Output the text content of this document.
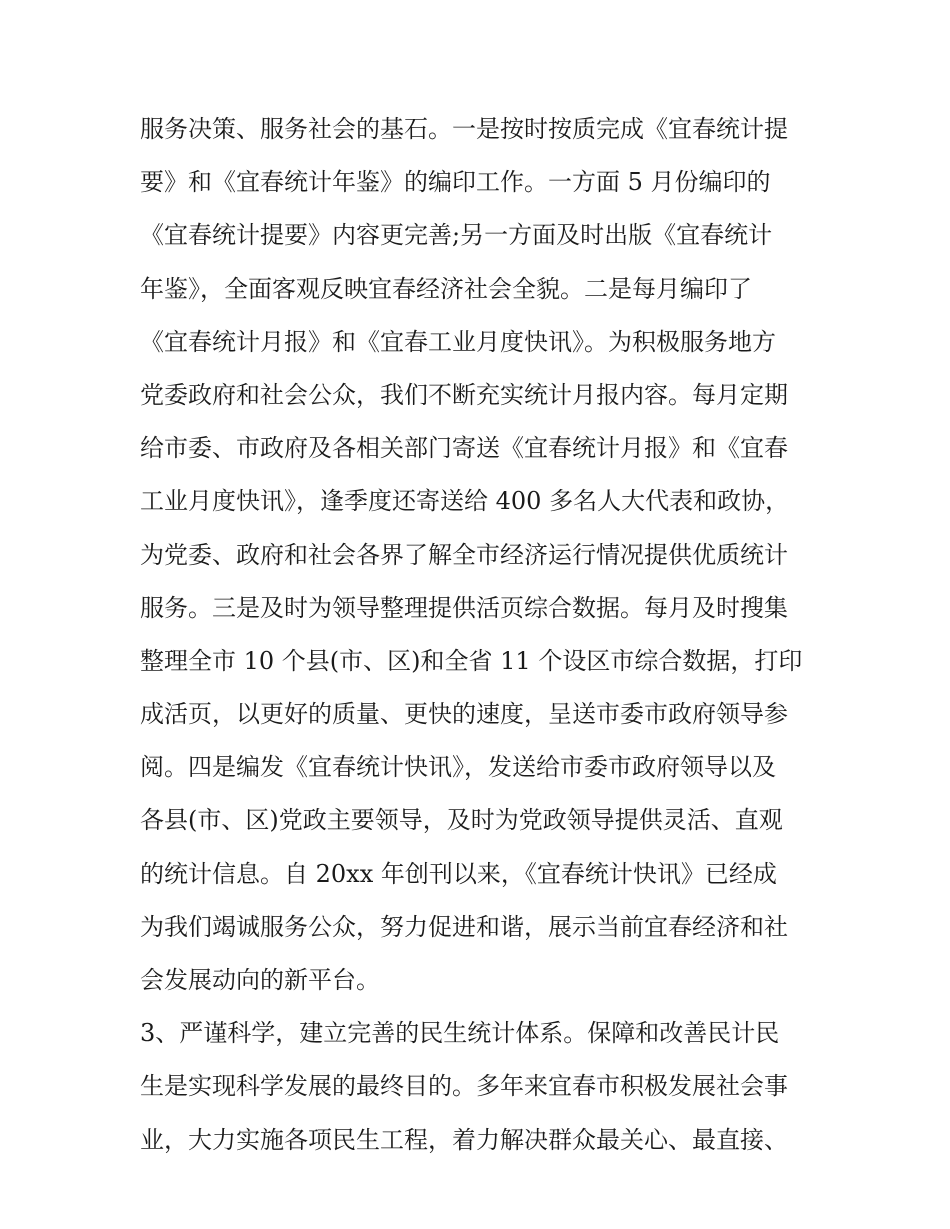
服务决策、服务社会的基石。一是按时按质完成《宜春统计提
要》和《宜春统计年鉴》的编印工作。一方面 5 月份编印的
《宜春统计提要》内容更完善;另一方面及时出版《宜春统计
年鉴》，全面客观反映宜春经济社会全貌。二是每月编印了
《宜春统计月报》和《宜春工业月度快讯》。为积极服务地方
党委政府和社会公众，我们不断充实统计月报内容。每月定期
给市委、市政府及各相关部门寄送《宜春统计月报》和《宜春
工业月度快讯》，逢季度还寄送给 400 多名人大代表和政协，
为党委、政府和社会各界了解全市经济运行情况提供优质统计
服务。三是及时为领导整理提供活页综合数据。每月及时搜集
整理全市 10 个县(市、区)和全省 11 个设区市综合数据，打印
成活页，以更好的质量、更快的速度，呈送市委市政府领导参
阅。四是编发《宜春统计快讯》，发送给市委市政府领导以及
各县(市、区)党政主要领导，及时为党政领导提供灵活、直观
的统计信息。自 20xx 年创刊以来，《宜春统计快讯》已经成
为我们竭诚服务公众，努力促进和谐，展示当前宜春经济和社
会发展动向的新平台。
3、严谨科学，建立完善的民生统计体系。保障和改善民计民
生是实现科学发展的最终目的。多年来宜春市积极发展社会事
业，大力实施各项民生工程，着力解决群众最关心、最直接、
